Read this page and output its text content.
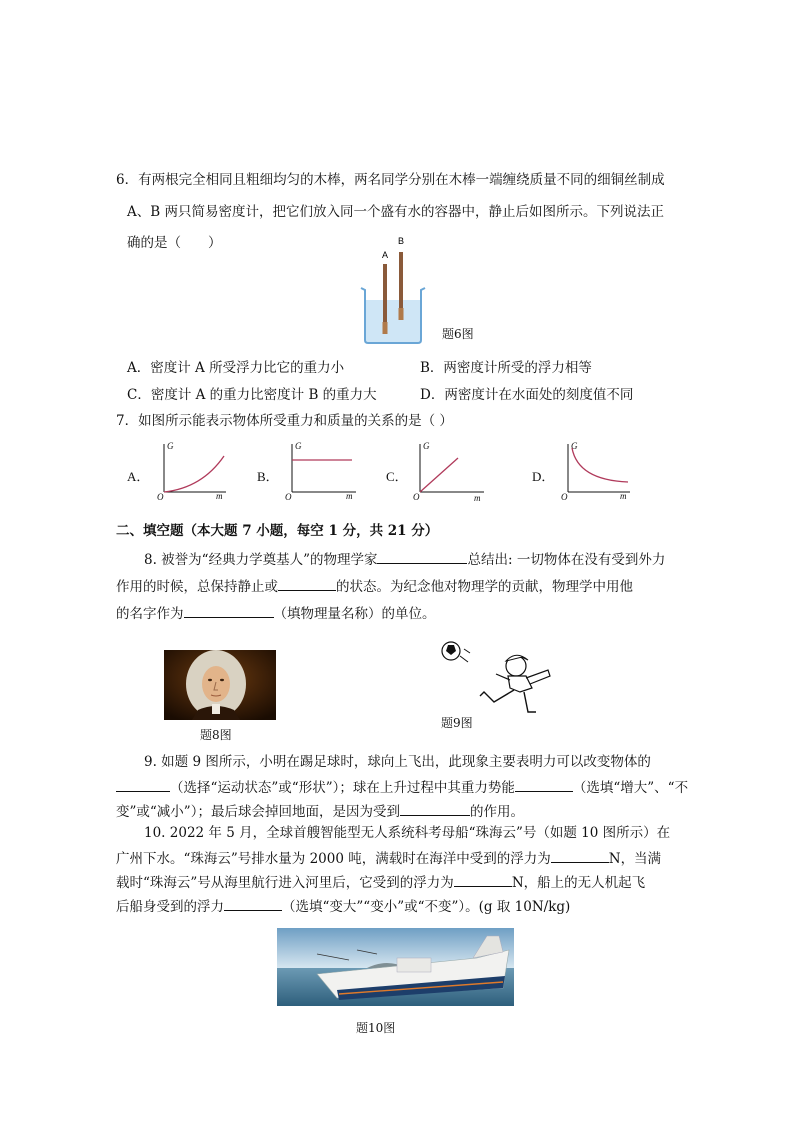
6．有两根完全相同且粗细均匀的木棒，两名同学分别在木棒一端缠绕质量不同的细铜丝制成
A、B 两只简易密度计，把它们放入同一个盛有水的容器中，静止后如图所示。下列说法正
确的是（　　）
A
B
题6图
A．密度计 A 所受浮力比它的重力小	B．两密度计所受的浮力相等
C．密度计 A 的重力比密度计 B 的重力大	D．两密度计在水面处的刻度值不同
7．如图所示能表示物体所受重力和质量的关系的是（ ）
A．
G
O	m
B．
G
O	m
C．
G
O	m
D．
G
O	m
二、填空题（本大题 7 小题，每空 1 分，共 21 分）
8. 被誉为“经典力学奠基人”的物理学家	总结出: 一切物体在没有受到外力
作用的时候，总保持静止或	的状态。为纪念他对物理学的贡献，物理学中用他
的名字作为	（填物理量名称）的单位。
题8图
题9图
9. 如题 9 图所示，小明在踢足球时，球向上飞出，此现象主要表明力可以改变物体的
（选择“运动状态”或“形状”）；球在上升过程中其重力势能	（选填“增大”、“不
变”或“减小”）；最后球会掉回地面，是因为受到	的作用。
10. 2022 年 5 月，全球首艘智能型无人系统科考母船“珠海云”号（如题 10 图所示）在
广州下水。“珠海云”号排水量为 2000 吨，满载时在海洋中受到的浮力为	N，当满
载时“珠海云”号从海里航行进入河里后，它受到的浮力为	N，船上的无人机起飞
后船身受到的浮力	（选填“变大”“变小”或“不变”）。(g 取 10N/kg)
题10图
